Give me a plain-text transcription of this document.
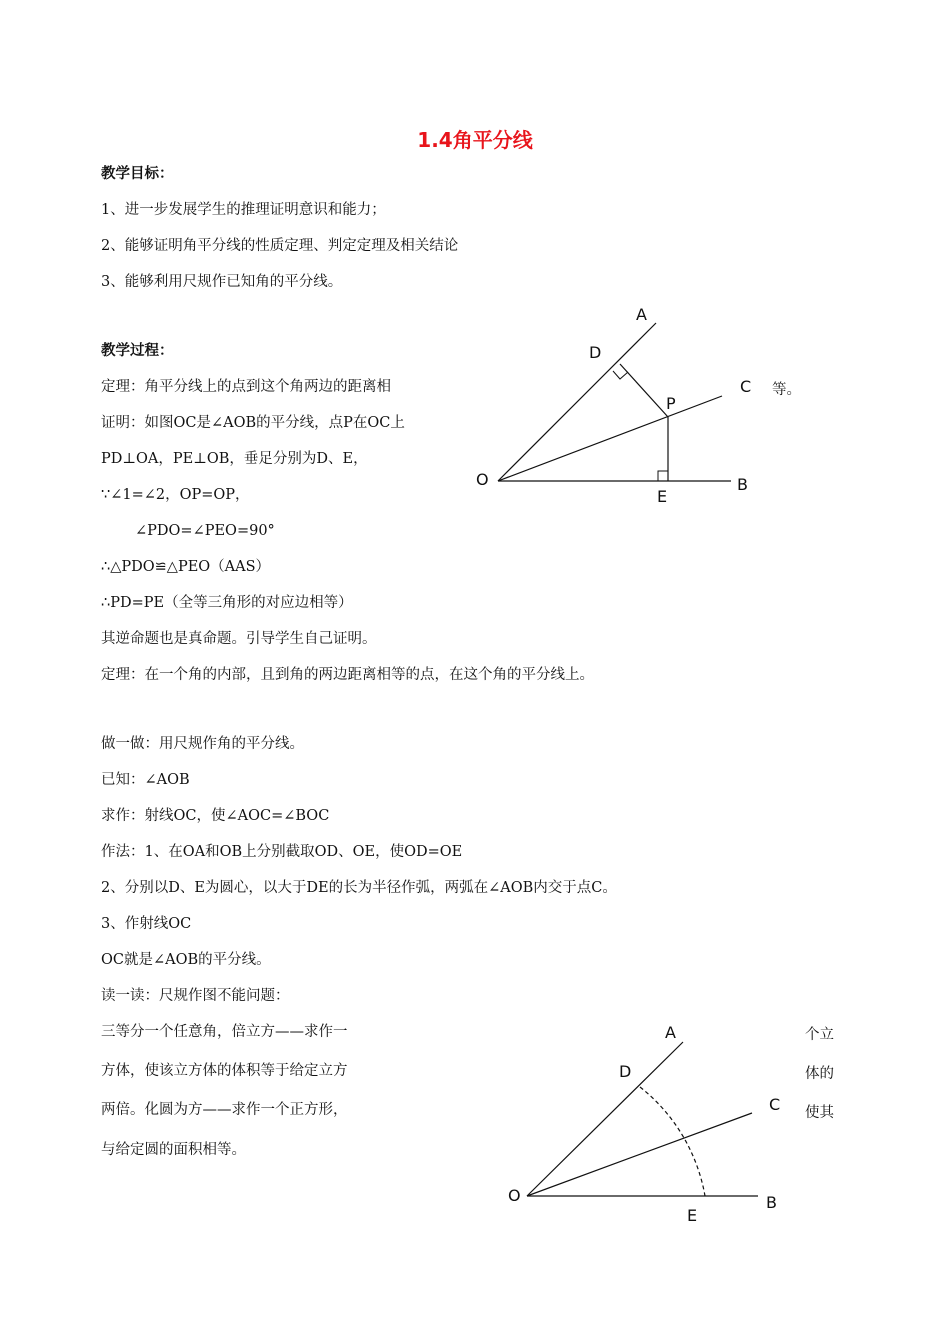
1.4角平分线
教学目标：
1、进一步发展学生的推理证明意识和能力；
2、能够证明角平分线的性质定理、判定定理及相关结论
3、能够利用尺规作已知角的平分线。
教学过程：
定理：角平分线上的点到这个角两边的距离相	等。
证明：如图OC是∠AOB的平分线，点P在OC上
PD⊥OA，PE⊥OB，垂足分别为D、E，
∵∠1=∠2，OP=OP，
∠PDO=∠PEO=90°
∴△PDO≌△PEO（AAS）
∴PD=PE（全等三角形的对应边相等）
其逆命题也是真命题。引导学生自己证明。
定理：在一个角的内部，且到角的两边距离相等的点，在这个角的平分线上。
做一做：用尺规作角的平分线。
已知：∠AOB
求作：射线OC，使∠AOC=∠BOC
作法：1、在OA和OB上分别截取OD、OE，使OD=OE
2、分别以D、E为圆心，以大于DE的长为半径作弧，两弧在∠AOB内交于点C。
3、作射线OC
OC就是∠AOB的平分线。
读一读：尺规作图不能问题：
三等分一个任意角，倍立方——求作一
方体，使该立方体的体积等于给定立方
两倍。化圆为方——求作一个正方形，
与给定圆的面积相等。
个立
体的
使其
A
D
C
P
O
E
B
A
D
C
O
E
B
